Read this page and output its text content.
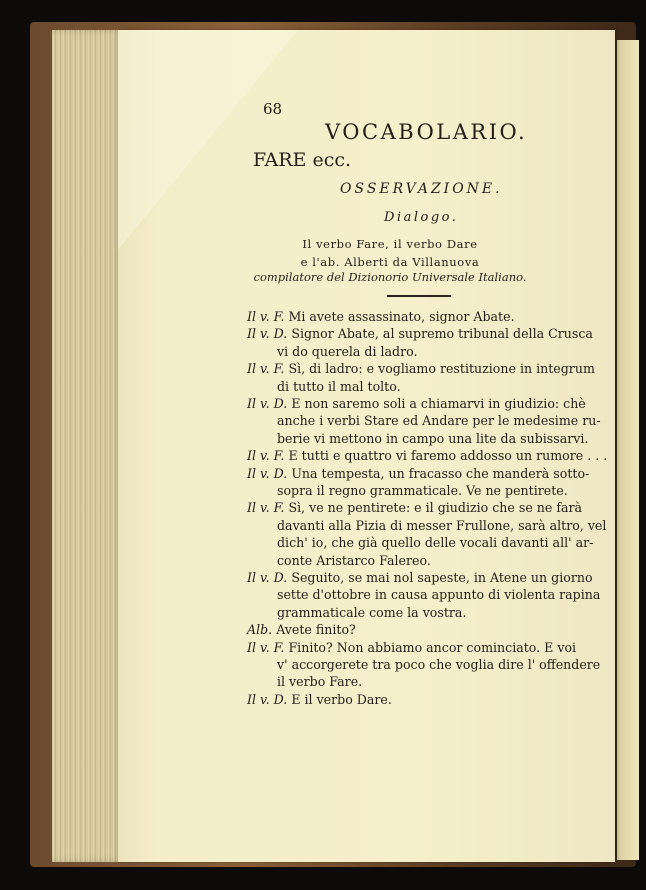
68
VOCABOLARIO.
FARE ecc.
OSSERVAZIONE.
Dialogo.
Il verbo Fare, il verbo Dare
e l'ab. Alberti da Villanuova
compilatore del Dizionorio Universale Italiano.
Il v. F. Mi avete assassinato, signor Abate.
Il v. D. Signor Abate, al supremo tribunal della Crusca
vi do querela di ladro.
Il v. F. Sì, di ladro: e vogliamo restituzione in integrum
di tutto il mal tolto.
Il v. D. E non saremo soli a chiamarvi in giudizio: chè
anche i verbi Stare ed Andare per le medesime ru-
berie vi mettono in campo una lite da subissarvi.
Il v. F. E tutti e quattro vi faremo addosso un rumore . . .
Il v. D. Una tempesta, un fracasso che manderà sotto-
sopra il regno grammaticale. Ve ne pentirete.
Il v. F. Sì, ve ne pentirete: e il giudizio che se ne farà
davanti alla Pizia di messer Frullone, sarà altro, vel
dich' io, che già quello delle vocali davanti all' ar-
conte Aristarco Falereo.
Il v. D. Seguito, se mai nol sapeste, in Atene un giorno
sette d'ottobre in causa appunto di violenta rapina
grammaticale come la vostra.
Alb. Avete finito?
Il v. F. Finito? Non abbiamo ancor cominciato. E voi
v' accorgerete tra poco che voglia dire l' offendere
il verbo Fare.
Il v. D. E il verbo Dare.
